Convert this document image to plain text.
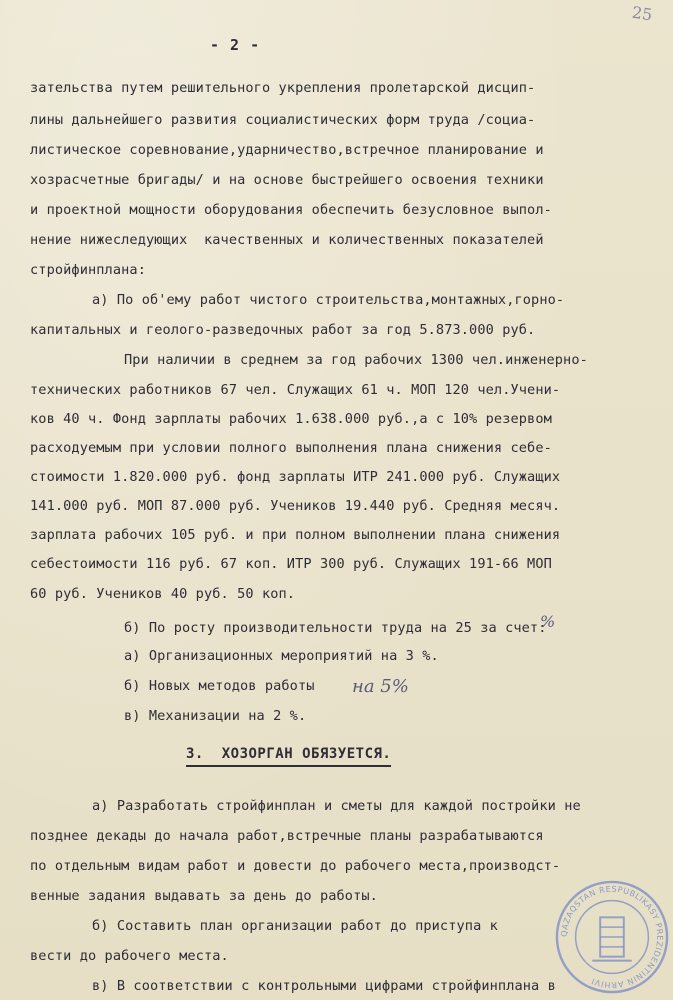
25
- 2 -
зательства путем решительного укрепления пролетарской дисцип-
лины дальнейшего развития социалистических форм труда /социа-
листическое соревнование,ударничество,встречное планирование и
хозрасчетные бригады/ и на основе быстрейшего освоения техники
и проектной мощности оборудования обеспечить безусловное выпол-
нение нижеследующих  качественных и количественных показателей
стройфинплана:
а) По об'ему работ чистого строительства,монтажных,горно-
капитальных и геолого-разведочных работ за год 5.873.000 руб.
При наличии в среднем за год рабочих 1300 чел.инженерно-
технических работников 67 чел. Служащих 61 ч. МОП 120 чел.Учени-
ков 40 ч. Фонд зарплаты рабочих 1.638.000 руб.,а с 10% резервом
расходуемым при условии полного выполнения плана снижения себе-
стоимости 1.820.000 руб. фонд зарплаты ИТР 241.000 руб. Служащих
141.000 руб. МОП 87.000 руб. Учеников 19.440 руб. Средняя месяч.
зарплата рабочих 105 руб. и при полном выполнении плана снижения
себестоимости 116 руб. 67 коп. ИТР 300 руб. Служащих 191-66 МОП
60 руб. Учеников 40 руб. 50 коп.
б) По росту производительности труда на 25 за счет:
а) Организационных мероприятий на 3 %.
б) Новых методов работы
в) Механизации на 2 %.
3.  ХОЗОРГАН ОБЯЗУЕТСЯ.
а) Разработать стройфинплан и сметы для каждой постройки не
позднее декады до начала работ,встречные планы разрабатываются
по отдельным видам работ и довести до рабочего места,производст-
венные задания выдавать за день до работы.
б) Составить план организации работ до приступа к
вести до рабочего места.
в) В соответствии с контрольными цифрами стройфинплана в
на 5%
%
QAZAQSTAN RESPUBLIKASY PREZIDENTINIŃ ARHIVI
